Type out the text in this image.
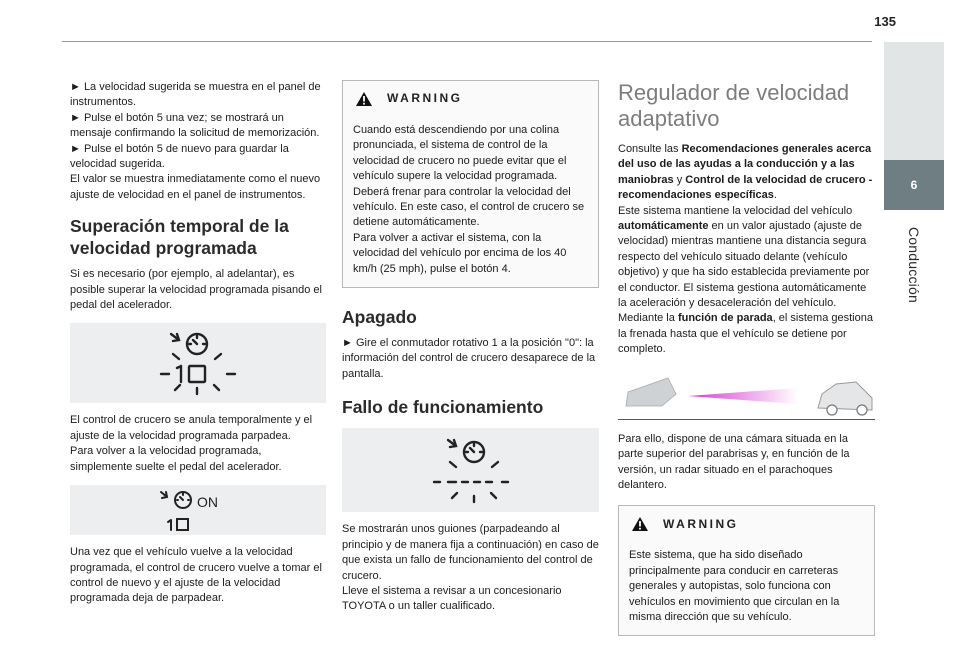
135
6
Conducción
► La velocidad sugerida se muestra en el panel de instrumentos.
► Pulse el botón 5 una vez; se mostrará un mensaje confirmando la solicitud de memorización.
► Pulse el botón 5 de nuevo para guardar la velocidad sugerida.
El valor se muestra inmediatamente como el nuevo ajuste de velocidad en el panel de instrumentos.
Superación temporal de la velocidad programada
Si es necesario (por ejemplo, al adelantar), es posible superar la velocidad programada pisando el pedal del acelerador.
El control de crucero se anula temporalmente y el ajuste de la velocidad programada parpadea.
Para volver a la velocidad programada, simplemente suelte el pedal del acelerador.
ON
Una vez que el vehículo vuelve a la velocidad programada, el control de crucero vuelve a tomar el control de nuevo y el ajuste de la velocidad programada deja de parpadear.
WARNING
Cuando está descendiendo por una colina pronunciada, el sistema de control de la velocidad de crucero no puede evitar que el vehículo supere la velocidad programada.
Deberá frenar para controlar la velocidad del vehículo. En este caso, el control de crucero se detiene automáticamente.
Para volver a activar el sistema, con la velocidad del vehículo por encima de los 40 km/h (25 mph), pulse el botón 4.
Apagado
► Gire el conmutador rotativo 1 a la posición "0": la información del control de crucero desaparece de la pantalla.
Fallo de funcionamiento
Se mostrarán unos guiones (parpadeando al principio y de manera fija a continuación) en caso de que exista un fallo de funcionamiento del control de crucero.
Lleve el sistema a revisar a un concesionario TOYOTA o un taller cualificado.
Regulador de velocidad adaptativo
Consulte las Recomendaciones generales acerca del uso de las ayudas a la conducción y a las maniobras y Control de la velocidad de crucero - recomendaciones específicas.
Este sistema mantiene la velocidad del vehículo automáticamente en un valor ajustado (ajuste de velocidad) mientras mantiene una distancia segura respecto del vehículo situado delante (vehículo objetivo) y que ha sido establecida previamente por el conductor. El sistema gestiona automáticamente la aceleración y desaceleración del vehículo.
Mediante la función de parada, el sistema gestiona la frenada hasta que el vehículo se detiene por completo.
Para ello, dispone de una cámara situada en la parte superior del parabrisas y, en función de la versión, un radar situado en el parachoques delantero.
WARNING
Este sistema, que ha sido diseñado principalmente para conducir en carreteras generales y autopistas, solo funciona con vehículos en movimiento que circulan en la misma dirección que su vehículo.
